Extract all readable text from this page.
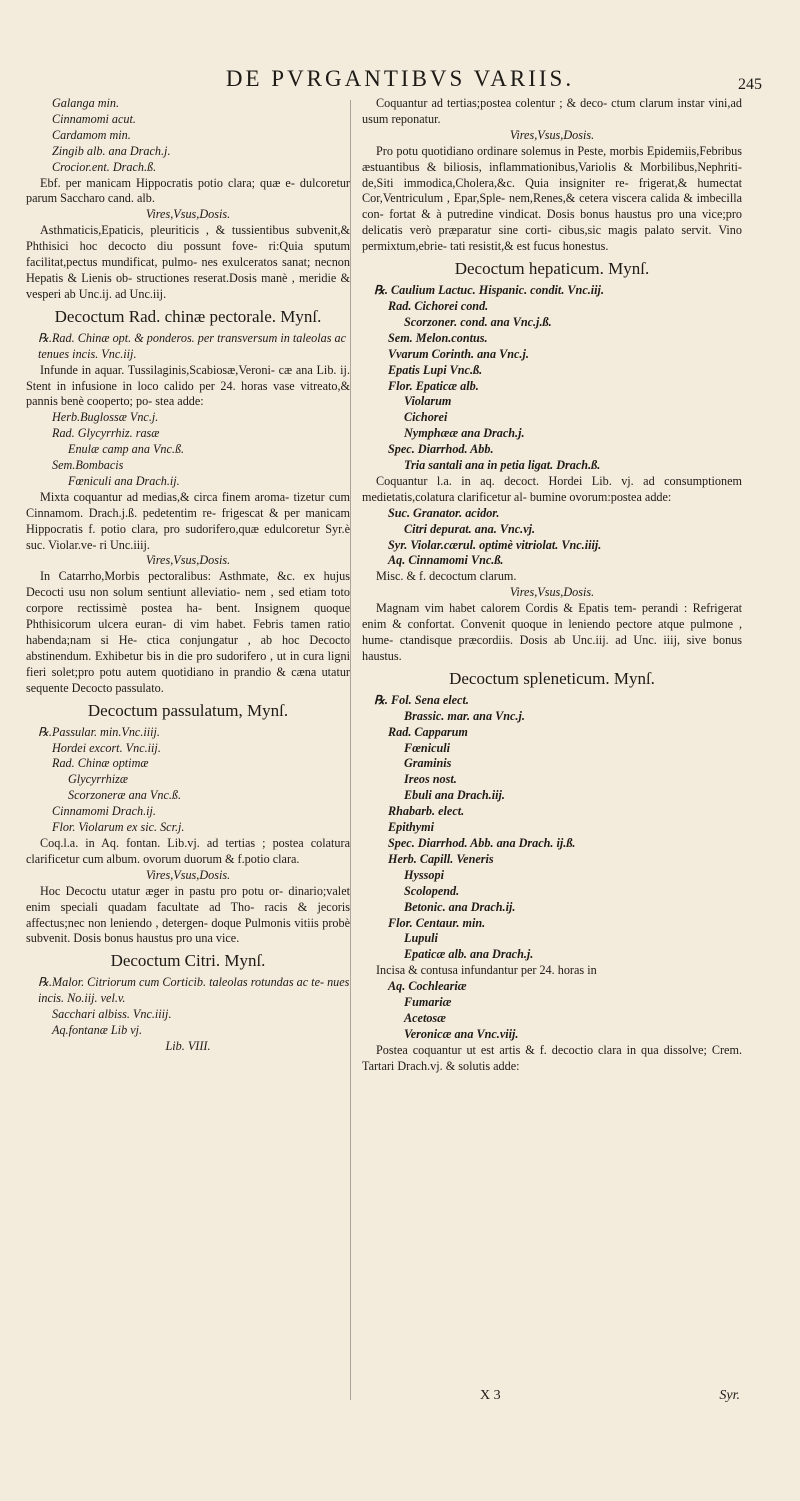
DE PVRGANTIBVS VARIIS.	245
Galanga min.
Cinnamomi acut.
Cardamom min.
Zingib alb. ana Drach.j.
Crocior.ent. Drach.ß.

Ebf. per manicam Hippocratis potio clara; quæ e- dulcoretur parum Saccharo cand. alb.

Vires,Vsus,Dosis.

Asthmaticis,Epaticis, pleuriticis , & tussientibus subvenit,& Phthisici hoc decocto diu possunt fove- ri:Quia sputum facilitat,pectus mundificat, pulmo- nes exulceratos sanat; necnon Hepatis & Lienis ob- structiones reserat.Dosis manè , meridie & vesperi ab Unc.ij. ad Unc.iij.

Decoctum Rad. chinæ pectorale. Mynſ.
℞.Rad. Chinæ opt. & ponderos. per transversum in taleolas ac tenues incis. Vnc.iij.

Infunde in aquar. Tussilaginis,Scabiosæ,Veroni- cæ ana Lib. ij. Stent in infusione in loco calido per 24. horas vase vitreato,& pannis benè cooperto; po- stea adde:

Herb.Buglossæ Vnc.j.
Rad. Glycyrrhiz. rasæ
Enulæ camp ana Vnc.ß.
Sem.Bombacis
Fœniculi ana Drach.ij.

Mixta coquantur ad medias,& circa finem aroma- tizetur cum Cinnamom. Drach.j.ß. pedetentim re- frigescat & per manicam Hippocratis f. potio clara, pro sudorifero,quæ edulcoretur Syr.è suc. Violar.ve- ri Unc.iiij.

Vires,Vsus,Dosis.

In Catarrho,Morbis pectoralibus: Asthmate, &c. ex hujus Decocti usu non solum sentiunt alleviatio- nem , sed etiam toto corpore rectissimè postea ha- bent. Insignem quoque Phthisicorum ulcera euran- di vim habet. Febris tamen ratio habenda;nam si He- ctica conjungatur , ab hoc Decocto abstinendum. Exhibetur bis in die pro sudorifero , ut in cura ligni fieri solet;pro potu autem quotidiano in prandio & cæna utatur sequente Decocto passulato.

Decoctum passulatum, Mynſ.
℞.Passular. min.Vnc.iiij.
Hordei excort. Vnc.iij.
Rad. Chinæ optimæ
Glycyrrhizæ
Scorzoneræ ana Vnc.ß.
Cinnamomi Drach.ij.
Flor. Violarum ex sic. Scr.j.

Coq.l.a. in Aq. fontan. Lib.vj. ad tertias ; postea colatura clarificetur cum album. ovorum duorum & f.potio clara.

Vires,Vsus,Dosis.

Hoc Decoctu utatur æger in pastu pro potu or- dinario;valet enim speciali quadam facultate ad Tho- racis & jecoris affectus;nec non leniendo , detergen- doque Pulmonis vitiis probè subvenit. Dosis bonus haustus pro una vice.

Decoctum Citri. Mynſ.
℞.Malor. Citriorum cum Corticib. taleolas rotundas ac te- nues incis. No.iij. vel.v.
Sacchari albiss. Vnc.iiij.
Aq.fontanæ Lib vj.
Lib. VIII.

Coquantur ad tertias;postea colentur ; & deco- ctum clarum instar vini,ad usum reponatur.

Vires,Vsus,Dosis.

Pro potu quotidiano ordinare solemus in Peste, morbis Epidemiis,Febribus æstuantibus & biliosis, inflammationibus,Variolis & Morbilibus,Nephriti- de,Siti immodica,Cholera,&c. Quia insigniter re- frigerat,& humectat Cor,Ventriculum , Epar,Sple- nem,Renes,& cetera viscera calida & imbecilla con- fortat & à putredine vindicat. Dosis bonus haustus pro una vice;pro delicatis verò præparatur sine corti- cibus,sic magis palato servit. Vino permixtum,ebrie- tati resistit,& est fucus honestus.

Decoctum hepaticum. Mynſ.
℞. Caulium Lactuc. Hispanic. condit. Vnc.iij.
Rad. Cichorei cond.
Scorzoner. cond. ana Vnc.j.ß.
Sem. Melon.contus.
Vvarum Corinth. ana Vnc.j.
Epatis Lupi Vnc.ß.
Flor. Epaticæ alb.
Violarum
Cichorei
Nymphææ ana Drach.j.
Spec. Diarrhod. Abb.
Tria santali ana in petia ligat. Drach.ß.

Coquantur l.a. in aq. decoct. Hordei Lib. vj. ad consumptionem medietatis,colatura clarificetur al- bumine ovorum:postea adde:

Suc. Granator. acidor.
Citri depurat. ana. Vnc.vj.
Syr. Violar.cærul. optimè vitriolat. Vnc.iiij.
Aq. Cinnamomi Vnc.ß.

Misc. & f. decoctum clarum.

Vires,Vsus,Dosis.

Magnam vim habet calorem Cordis & Epatis tem- perandi : Refrigerat enim & confortat. Convenit quoque in leniendo pectore atque pulmone , hume- ctandisque præcordiis. Dosis ab Unc.iij. ad Unc. iiij, sive bonus haustus.

Decoctum spleneticum. Mynſ.
℞. Fol. Sena elect.
Brassic. mar. ana Vnc.j.
Rad. Capparum
Fœniculi
Graminis
Ireos nost.
Ebuli ana Drach.iij.
Rhabarb. elect.
Epithymi
Spec. Diarrhod. Abb. ana Drach. ij.ß.
Herb. Capill. Veneris
Hyssopi
Scolopend.
Betonic. ana Drach.ij.
Flor. Centaur. min.
Lupuli
Epaticæ alb. ana Drach.j.

Incisa & contusa infundantur per 24. horas in

Aq. Cochleariæ
Fumariæ
Acetosæ
Veronicæ ana Vnc.viij.

Postea coquantur ut est artis & f. decoctio clara in qua dissolve; Crem. Tartari Drach.vj. & solutis adde:

X 3	Syr.
